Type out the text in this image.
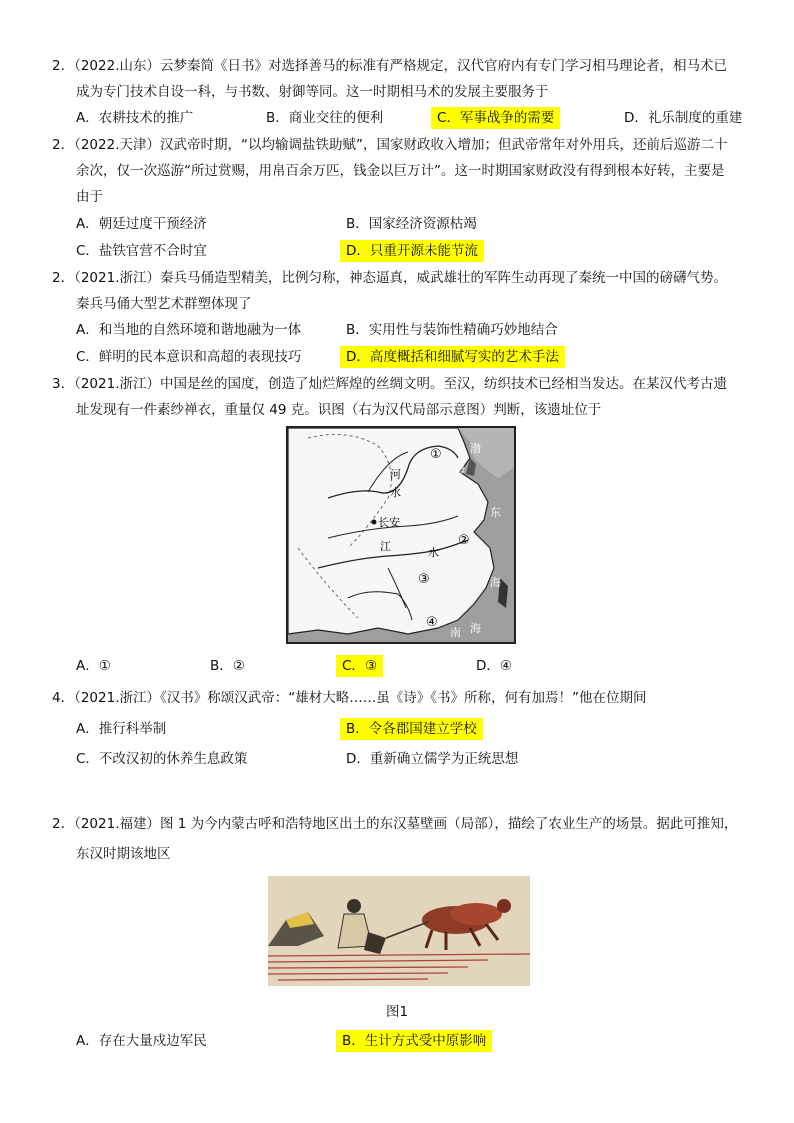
2．（2022.山东）云梦秦简《日书》对选择善马的标准有严格规定，汉代官府内有专门学习相马理论者，相马术已
成为专门技术自设一科，与书数、射御等同。这一时期相马术的发展主要服务于
A．农耕技术的推广	B．商业交往的便利	C．军事战争的需要	D．礼乐制度的重建
2．（2022.天津）汉武帝时期，“以均输调盐铁助赋”，国家财政收入增加；但武帝常年对外用兵，还前后巡游二十
余次，仅一次巡游“所过赏赐，用帛百余万匹，钱金以巨万计”。这一时期国家财政没有得到根本好转，主要是
由于
A．朝廷过度干预经济	B．国家经济资源枯竭
C．盐铁官营不合时宜	D．只重开源未能节流
2．（2021.浙江）秦兵马俑造型精美，比例匀称，神态逼真，威武雄壮的军阵生动再现了秦统一中国的磅礴气势。
秦兵马俑大型艺术群塑体现了
A．和当地的自然环境和谐地融为一体	B．实用性与装饰性精确巧妙地结合
C．鲜明的民本意识和高超的表现技巧	D．高度概括和细腻写实的艺术手法
3．（2021.浙江）中国是丝的国度，创造了灿烂辉煌的丝绸文明。至汉，纺织技术已经相当发达。在某汉代考古遗
址发现有一件素纱禅衣，重量仅 49 克。识图（右为汉代局部示意图）判断，该遗址位于
河
水
长安
江	水
渤
海
东
海
南 海
①
②
③
④
A．①	B．②	C．③	D．④
4．（2021.浙江）《汉书》称颂汉武帝：“雄材大略……虽《诗》《书》所称，何有加焉！”他在位期间
A．推行科举制	B．令各郡国建立学校
C．不改汉初的休养生息政策	D．重新确立儒学为正统思想
2．（2021.福建）图 1 为今内蒙古呼和浩特地区出土的东汉墓壁画（局部），描绘了农业生产的场景。据此可推知，
东汉时期该地区
图1
A．存在大量戍边军民	B．生计方式受中原影响
